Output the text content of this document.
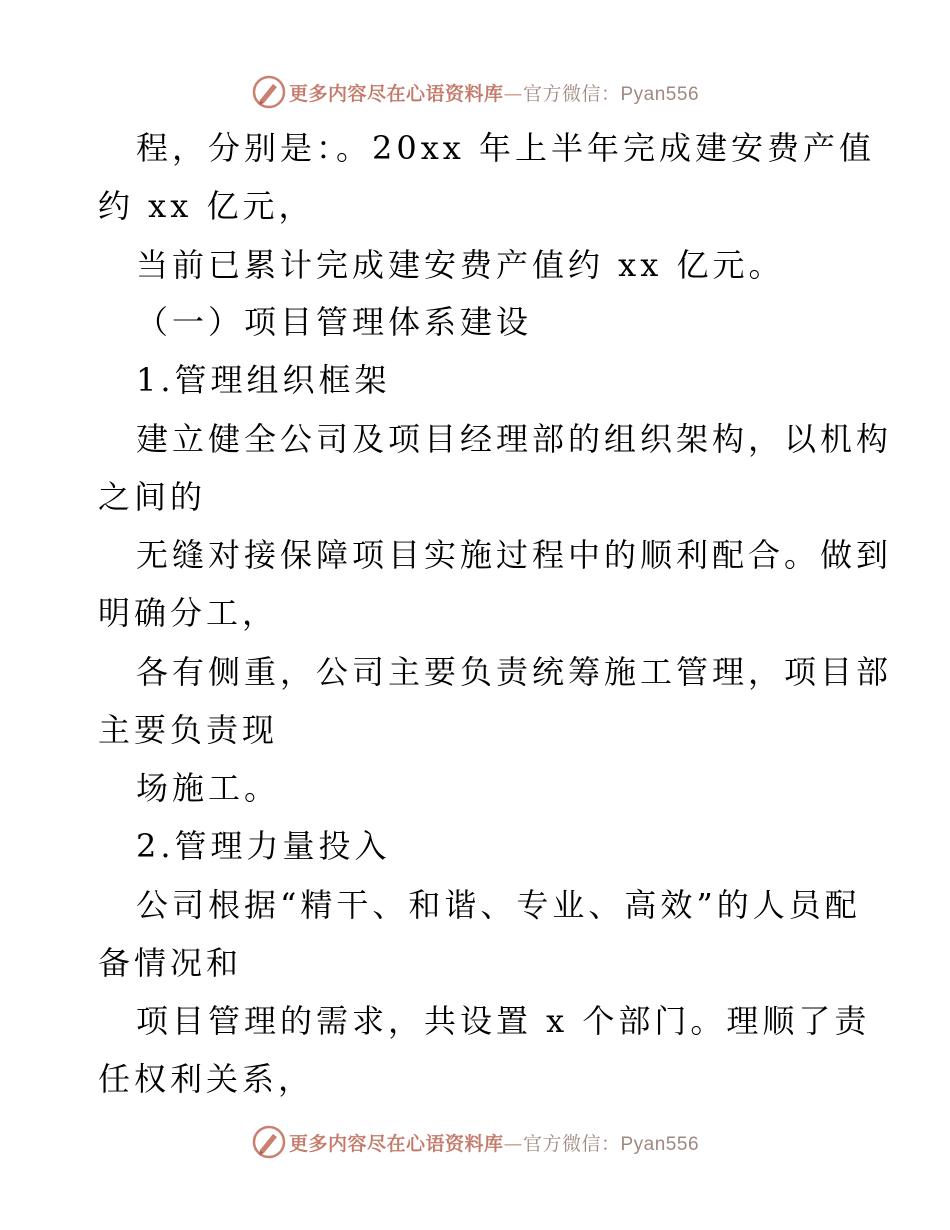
更多内容尽在心语资料库—官方微信：Pyan556
程，分别是：。20xx 年上半年完成建安费产值
约 xx 亿元，
当前已累计完成建安费产值约 xx 亿元。
（一）项目管理体系建设
1.管理组织框架
建立健全公司及项目经理部的组织架构，以机构
之间的
无缝对接保障项目实施过程中的顺利配合。做到
明确分工，
各有侧重，公司主要负责统筹施工管理，项目部
主要负责现
场施工。
2.管理力量投入
公司根据“精干、和谐、专业、高效”的人员配
备情况和
项目管理的需求，共设置 x 个部门。理顺了责
任权利关系，
更多内容尽在心语资料库—官方微信：Pyan556
